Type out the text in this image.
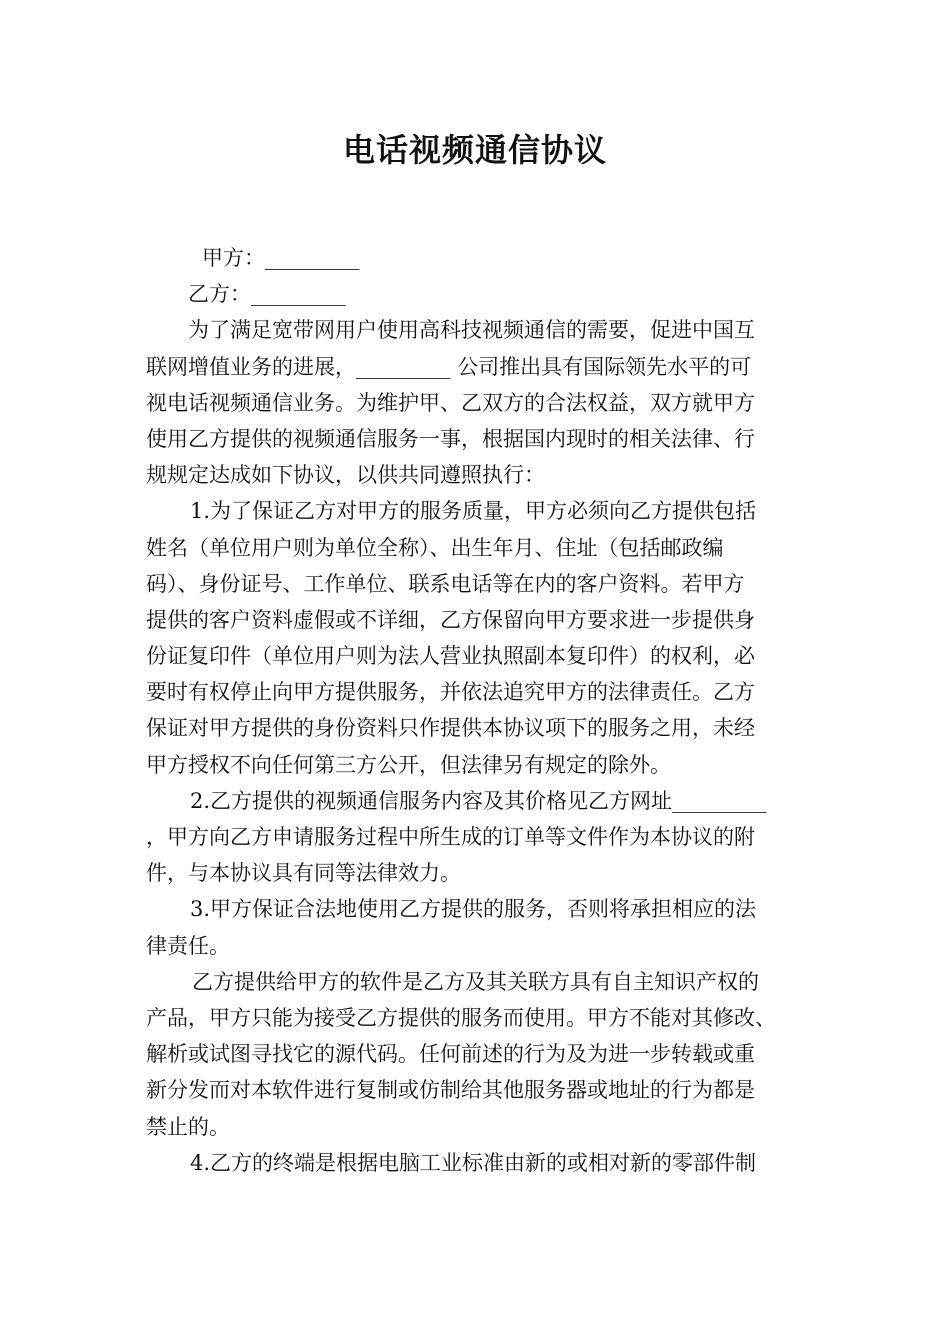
电话视频通信协议
甲方：_________
乙方：_________
为了满足宽带网用户使用高科技视频通信的需要，促进中国互
联网增值业务的进展，_________ 公司推出具有国际领先水平的可
视电话视频通信业务。为维护甲、乙双方的合法权益，双方就甲方
使用乙方提供的视频通信服务一事，根据国内现时的相关法律、行
规规定达成如下协议，以供共同遵照执行：
1.为了保证乙方对甲方的服务质量，甲方必须向乙方提供包括
姓名（单位用户则为单位全称）、出生年月、住址（包括邮政编
码）、身份证号、工作单位、联系电话等在内的客户资料。若甲方
提供的客户资料虚假或不详细，乙方保留向甲方要求进一步提供身
份证复印件（单位用户则为法人营业执照副本复印件）的权利，必
要时有权停止向甲方提供服务，并依法追究甲方的法律责任。乙方
保证对甲方提供的身份资料只作提供本协议项下的服务之用，未经
甲方授权不向任何第三方公开，但法律另有规定的除外。
2.乙方提供的视频通信服务内容及其价格见乙方网址_________
，甲方向乙方申请服务过程中所生成的订单等文件作为本协议的附
件，与本协议具有同等法律效力。
3.甲方保证合法地使用乙方提供的服务，否则将承担相应的法
律责任。
乙方提供给甲方的软件是乙方及其关联方具有自主知识产权的
产品，甲方只能为接受乙方提供的服务而使用。甲方不能对其修改、
解析或试图寻找它的源代码。任何前述的行为及为进一步转载或重
新分发而对本软件进行复制或仿制给其他服务器或地址的行为都是
禁止的。
4.乙方的终端是根据电脑工业标准由新的或相对新的零部件制
